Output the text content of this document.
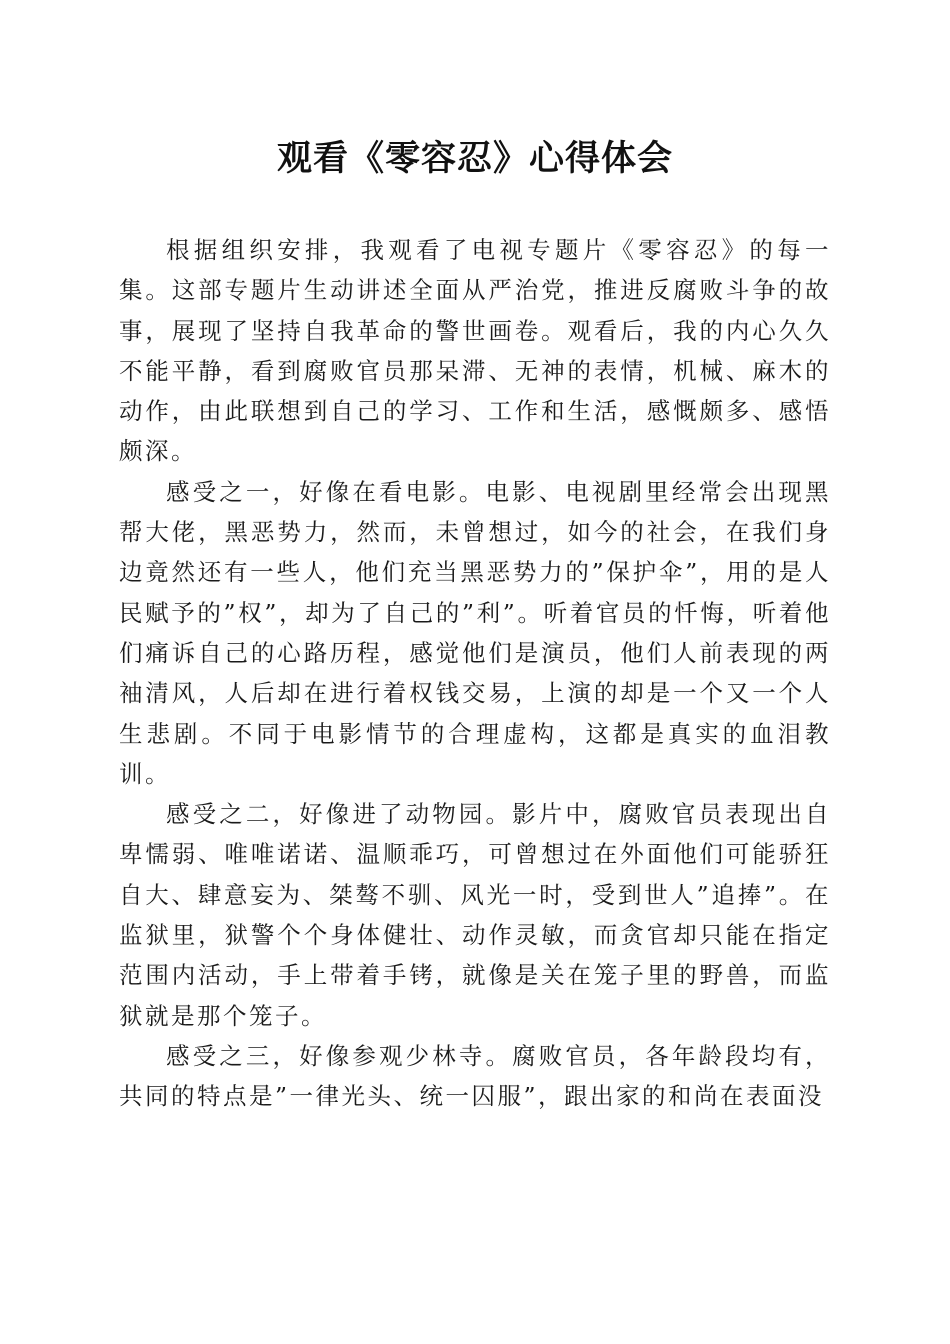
观看《零容忍》心得体会

根据组织安排，我观看了电视专题片《零容忍》的每一集。这部专题片生动讲述全面从严治党，推进反腐败斗争的故事，展现了坚持自我革命的警世画卷。观看后，我的内心久久不能平静，看到腐败官员那呆滞、无神的表情，机械、麻木的动作，由此联想到自己的学习、工作和生活，感慨颇多、感悟颇深。

感受之一，好像在看电影。电影、电视剧里经常会出现黑帮大佬，黑恶势力，然而，未曾想过，如今的社会，在我们身边竟然还有一些人，他们充当黑恶势力的”保护伞”，用的是人民赋予的”权”，却为了自己的”利”。听着官员的忏悔，听着他们痛诉自己的心路历程，感觉他们是演员，他们人前表现的两袖清风，人后却在进行着权钱交易，上演的却是一个又一个人生悲剧。不同于电影情节的合理虚构，这都是真实的血泪教训。

感受之二，好像进了动物园。影片中，腐败官员表现出自卑懦弱、唯唯诺诺、温顺乖巧，可曾想过在外面他们可能骄狂自大、肆意妄为、桀骜不驯、风光一时，受到世人”追捧”。在监狱里，狱警个个身体健壮、动作灵敏，而贪官却只能在指定范围内活动，手上带着手铐，就像是关在笼子里的野兽，而监狱就是那个笼子。

感受之三，好像参观少林寺。腐败官员，各年龄段均有，共同的特点是”一律光头、统一囚服”，跟出家的和尚在表面没
